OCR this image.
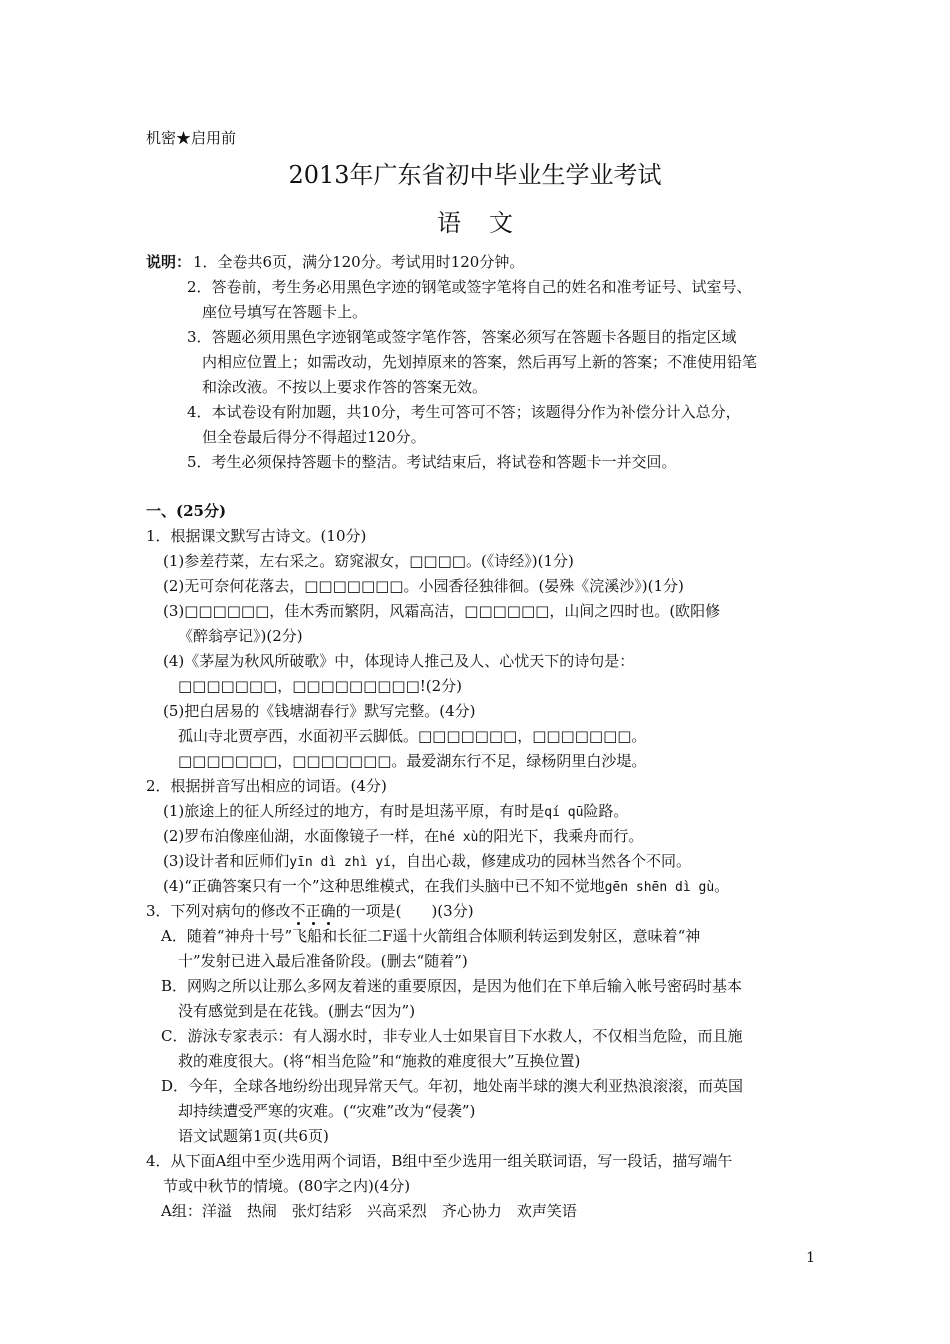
机密★启用前
2013年广东省初中毕业生学业考试
语文
说明： 1．全卷共6页，满分120分。考试用时120分钟。
2．答卷前，考生务必用黑色字迹的钢笔或签字笔将自己的姓名和准考证号、试室号、
座位号填写在答题卡上。
3．答题必须用黑色字迹钢笔或签字笔作答，答案必须写在答题卡各题目的指定区域
内相应位置上；如需改动，先划掉原来的答案，然后再写上新的答案；不准使用铅笔
和涂改液。不按以上要求作答的答案无效。
4．本试卷设有附加题，共10分，考生可答可不答；该题得分作为补偿分计入总分，
但全卷最后得分不得超过120分。
5．考生必须保持答题卡的整洁。考试结束后，将试卷和答题卡一并交回。
一、(25分)
1．根据课文默写古诗文。(10分)
(1)参差荇菜，左右采之。窈窕淑女，□□□□。(《诗经》)(1分)
(2)无可奈何花落去，□□□□□□□。小园香径独徘徊。(晏殊《浣溪沙》)(1分)
(3)□□□□□□，佳木秀而繁阴，风霜高洁，□□□□□□，山间之四时也。(欧阳修
《醉翁亭记》)(2分)
(4)《茅屋为秋风所破歌》中，体现诗人推己及人、心忧天下的诗句是：
□□□□□□□，□□□□□□□□□!(2分)
(5)把白居易的《钱塘湖春行》默写完整。(4分)
孤山寺北贾亭西，水面初平云脚低。□□□□□□□，□□□□□□□。
□□□□□□□，□□□□□□□。最爱湖东行不足，绿杨阴里白沙堤。
2．根据拼音写出相应的词语。(4分)
(1)旅途上的征人所经过的地方，有时是坦荡平原，有时是qí qū险路。
(2)罗布泊像座仙湖，水面像镜子一样，在hé xù的阳光下，我乘舟而行。
(3)设计者和匠师们yīn dì zhì yí，自出心裁，修建成功的园林当然各个不同。
(4)“正确答案只有一个”这种思维模式，在我们头脑中已不知不觉地gēn shēn dì gù。
3．下列对病句的修改不正确的一项是(　　)(3分)
A．随着“神舟十号”飞船和长征二F遥十火箭组合体顺利转运到发射区，意味着“神
十”发射已进入最后准备阶段。(删去“随着”)
B．网购之所以让那么多网友着迷的重要原因，是因为他们在下单后输入帐号密码时基本
没有感觉到是在花钱。(删去“因为”)
C．游泳专家表示：有人溺水时，非专业人士如果盲目下水救人，不仅相当危险，而且施
救的难度很大。(将“相当危险”和“施救的难度很大”互换位置)
D．今年，全球各地纷纷出现异常天气。年初，地处南半球的澳大利亚热浪滚滚，而英国
却持续遭受严寒的灾难。(“灾难”改为“侵袭”)
语文试题第1页(共6页)
4．从下面A组中至少选用两个词语，B组中至少选用一组关联词语，写一段话，描写端午
节或中秋节的情境。(80字之内)(4分)
A组：洋溢　热闹　张灯结彩　兴高采烈　齐心协力　欢声笑语
1
